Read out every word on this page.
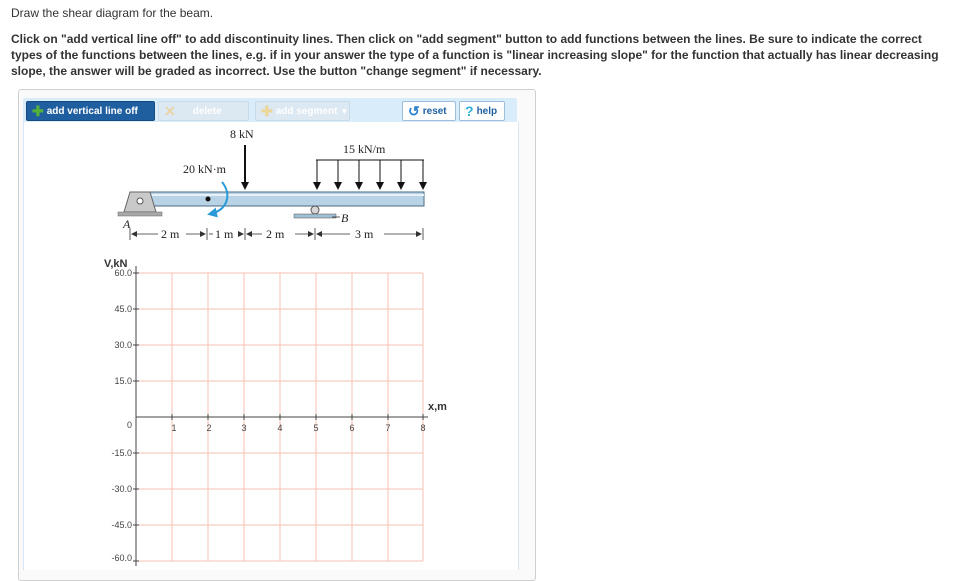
Draw the shear diagram for the beam.
Click on "add vertical line off" to add discontinuity lines. Then click on "add segment" button to add functions between the lines. Be sure to indicate the correct types of the functions between the lines, e.g. if in your answer the type of a function is "linear increasing slope" for the function that actually has linear decreasing slope, the answer will be graded as incorrect. Use the button "change segment" if necessary.
✚ add vertical line off ✕ delete	✚ add segment ▼	↺ reset ? help
A	B
8 kN
20 kN·m
15 kN/m
2 m	1 m	2 m	3 m
V,kN
x,m
60.0
45.0
30.0
15.0
0
-15.0
-30.0
-45.0
-60.0
1	2	3	4	5	6	7	8
